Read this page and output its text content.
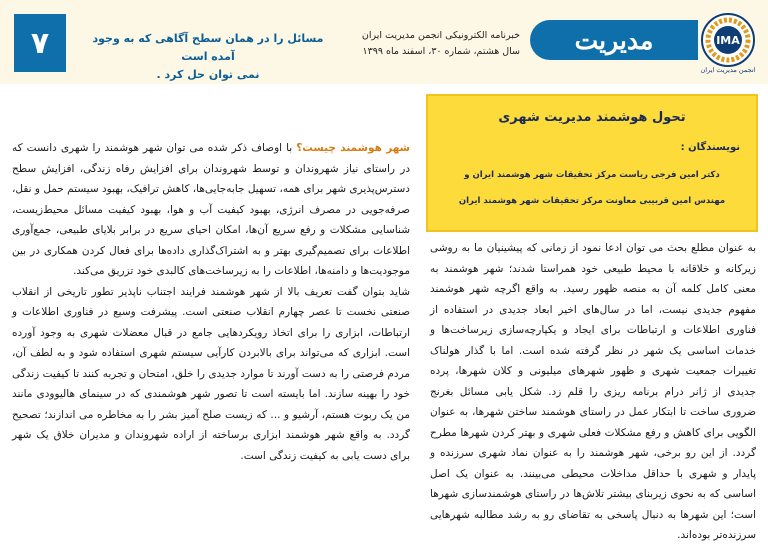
۷	مسائل را در همان سطح آگاهی که به وجود آمده است
نمی توان حل کرد .
خبرنامه الکترونیکی انجمن مدیریت ایران
سال هشتم، شماره ۳۰، اسفند ماه ۱۳۹۹ مدیریت	IMA
انجمن مدیریت ایران
تحول هوشمند مدیریت شهری
نویسندگان :
دکتر امین فرجی ریاست مرکز تحقیقات شهر هوشمند ایران و
مهندس امین قربیبی معاونت مرکز تحقیقات شهر هوشمند ایران

به عنوان مطلع بحث می توان ادعا نمود از زمانی که پیشینیان ما به روشی زیرکانه و خلاقانه با محیط طبیعی خود همراستا شدند؛ شهر هوشمند به معنی کامل کلمه آن به منصه ظهور رسید. به واقع اگرچه شهر هوشمند مفهوم جدیدی نیست، اما در سال‌های اخیر ابعاد جدیدی در استفاده از فناوری اطلاعات و ارتباطات برای ایجاد و یکپارچه‌سازی زیرساخت‌ها و خدمات اساسی یک شهر در نظر گرفته شده است. اما با گذار هولناک تغییرات جمعیت شهری و ظهور شهرهای میلیونی و کلان شهرها، پرده جدیدی از ژانر درام برنامه ریزی را قلم زد. شکل یابی مسائل بغرنج ضروری ساخت تا ابتکار عمل در راستای هوشمند ساختن شهرها، به عنوان الگویی برای کاهش و رفع مشکلات فعلی شهری و بهتر کردن شهرها مطرح گردد. از این رو برخی، شهر هوشمند را به عنوان نماد شهری سرزنده و پایدار و شهری با حداقل مداخلات محیطی می‌بینند. به عنوان یک اصل اساسی که به نحوی زیربنای بیشتر تلاش‌ها در راستای هوشمندسازی شهرها است؛ این شهرها به دنبال پاسخی به تقاضای رو به رشد مطالبه شهرهایی سرزنده‌تر بوده‌اند.

شهر هوشمند چیست؟ با اوصاف ذکر شده می توان شهر هوشمند را شهری دانست که در راستای نیاز شهروندان و توسط شهروندان برای افزایش رفاه زندگی، افزایش سطح دسترس‌پذیری شهر برای همه، تسهیل جابه‌جایی‌ها، کاهش ترافیک، بهبود سیستم حمل و نقل، صرفه‌جویی در مصرف انرژی، بهبود کیفیت آب و هوا، بهبود کیفیت مسائل محیط‌زیست، شناسایی مشکلات و رفع سریع آن‌ها، امکان احیای سریع در برابر بلایای طبیعی، جمع‌آوری اطلاعات برای تصمیم‌گیری بهتر و به اشتراک‌گذاری داده‌ها برای فعال کردن همکاری در بین موجودیت‌ها و دامنه‌ها، اطلاعات را به زیرساخت‌های کالبدی خود تزریق می‌کند.

شاید بتوان گفت تعریف بالا از شهر هوشمند فرایند اجتناب ناپذیر تطور تاریخی از انقلاب صنعتی نخست تا عصر چهارم انقلاب صنعتی است. پیشرفت وسیع در فناوری اطلاعات و ارتباطات، ابزاری را برای اتخاذ رویکردهایی جامع در قبال معضلات شهری به وجود آورده است. ابزاری که می‌تواند برای بالابردن کارآیی سیستم شهری استفاده شود و به لطف آن، مردم فرصتی را به دست آورند تا موارد جدیدی را خلق، امتحان و تجربه کنند تا کیفیت زندگی خود را بهینه سازند. اما بایسته است تا تصور شهر هوشمندی که در سینمای هالیوودی مانند من یک ربوت هستم، آرشیو و ... که زیست صلح آمیز بشر را به مخاطره می اندازند؛ تصحیح گردد. به واقع شهر هوشمند ابزاری برساخته از اراده شهروندان و مدیران خلاق یک شهر برای دست یابی به کیفیت زندگی است.
